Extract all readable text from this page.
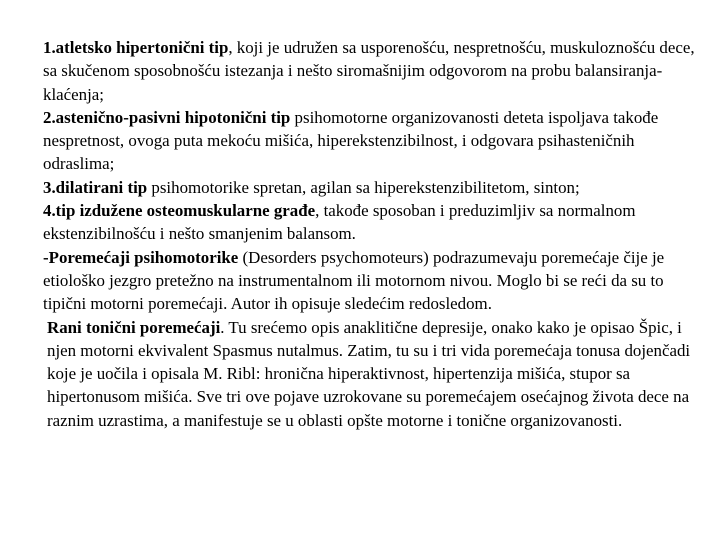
1.atletsko hipertonični tip, koji je udružen sa usporenošću, nespretnošću, muskuloznošću dece, sa skučenom sposobnošću istezanja i nešto siromašnijim odgovorom na probu balansiranja- klaćenja;

2.astenično-pasivni hipotonični tip psihomotorne organizovanosti deteta ispoljava takođe nespretnost, ovoga puta mekoću mišića, hiperekstenzibilnost, i odgovara psihasteničnih odraslima;

3.dilatirani tip psihomotorike spretan, agilan sa hiperekstenzibilitetom, sinton;

4.tip izdužene osteomuskularne građe, takođe sposoban i preduzimljiv sa normalnom ekstenzibilnošću i nešto smanjenim balansom.

-Poremećaji psihomotorike (Desorders psychomoteurs) podrazumevaju poremećaje čije je etiološko jezgro pretežno na instrumentalnom ili motornom nivou. Moglo bi se reći da su to tipični motorni poremećaji. Autor ih opisuje sledećim redosledom.

Rani tonični poremećaji. Tu srećemo opis anaklitične depresije, onako kako je opisao Špic, i njen motorni ekvivalent Spasmus nutalmus. Zatim, tu su i tri vida poremećaja tonusa dojenčadi koje je uočila i opisala M. Ribl: hronična hiperaktivnost, hipertenzija mišića, stupor sa hipertonusom mišića. Sve tri ove pojave uzrokovane su poremećajem osećajnog života dece na raznim uzrastima, a manifestuje se u oblasti opšte motorne i tonične organizovanosti.
